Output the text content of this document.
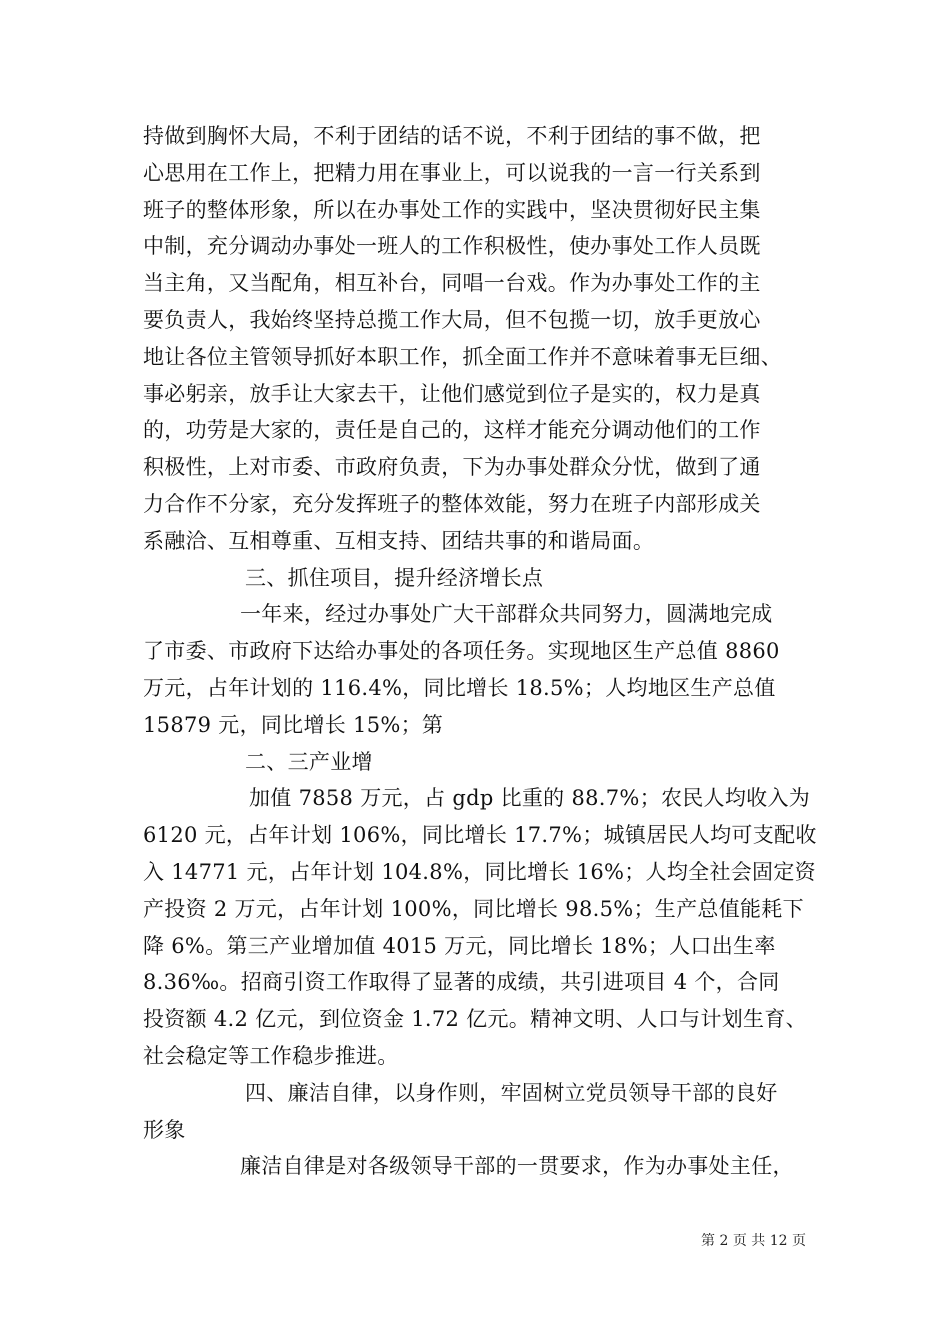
持做到胸怀大局，不利于团结的话不说，不利于团结的事不做，把
心思用在工作上，把精力用在事业上，可以说我的一言一行关系到
班子的整体形象，所以在办事处工作的实践中，坚决贯彻好民主集
中制，充分调动办事处一班人的工作积极性，使办事处工作人员既
当主角，又当配角，相互补台，同唱一台戏。作为办事处工作的主
要负责人，我始终坚持总揽工作大局，但不包揽一切，放手更放心
地让各位主管领导抓好本职工作，抓全面工作并不意味着事无巨细、
事必躬亲，放手让大家去干，让他们感觉到位子是实的，权力是真
的，功劳是大家的，责任是自己的，这样才能充分调动他们的工作
积极性，上对市委、市政府负责，下为办事处群众分忧，做到了通
力合作不分家，充分发挥班子的整体效能，努力在班子内部形成关
系融洽、互相尊重、互相支持、团结共事的和谐局面。
三、抓住项目，提升经济增长点
一年来，经过办事处广大干部群众共同努力，圆满地完成
了市委、市政府下达给办事处的各项任务。实现地区生产总值 8860
万元，占年计划的 116.4%，同比增长 18.5%；人均地区生产总值
15879 元，同比增长 15%；第
二、三产业增
加值 7858 万元，占 gdp 比重的 88.7%；农民人均收入为
6120 元，占年计划 106%，同比增长 17.7%；城镇居民人均可支配收
入 14771 元，占年计划 104.8%，同比增长 16%；人均全社会固定资
产投资 2 万元，占年计划 100%，同比增长 98.5%；生产总值能耗下
降 6%。第三产业增加值 4015 万元，同比增长 18%；人口出生率
8.36‰。招商引资工作取得了显著的成绩，共引进项目 4 个，合同
投资额 4.2 亿元，到位资金 1.72 亿元。精神文明、人口与计划生育、
社会稳定等工作稳步推进。
四、廉洁自律，以身作则，牢固树立党员领导干部的良好
形象
廉洁自律是对各级领导干部的一贯要求，作为办事处主任，
第 2 页 共 12 页
